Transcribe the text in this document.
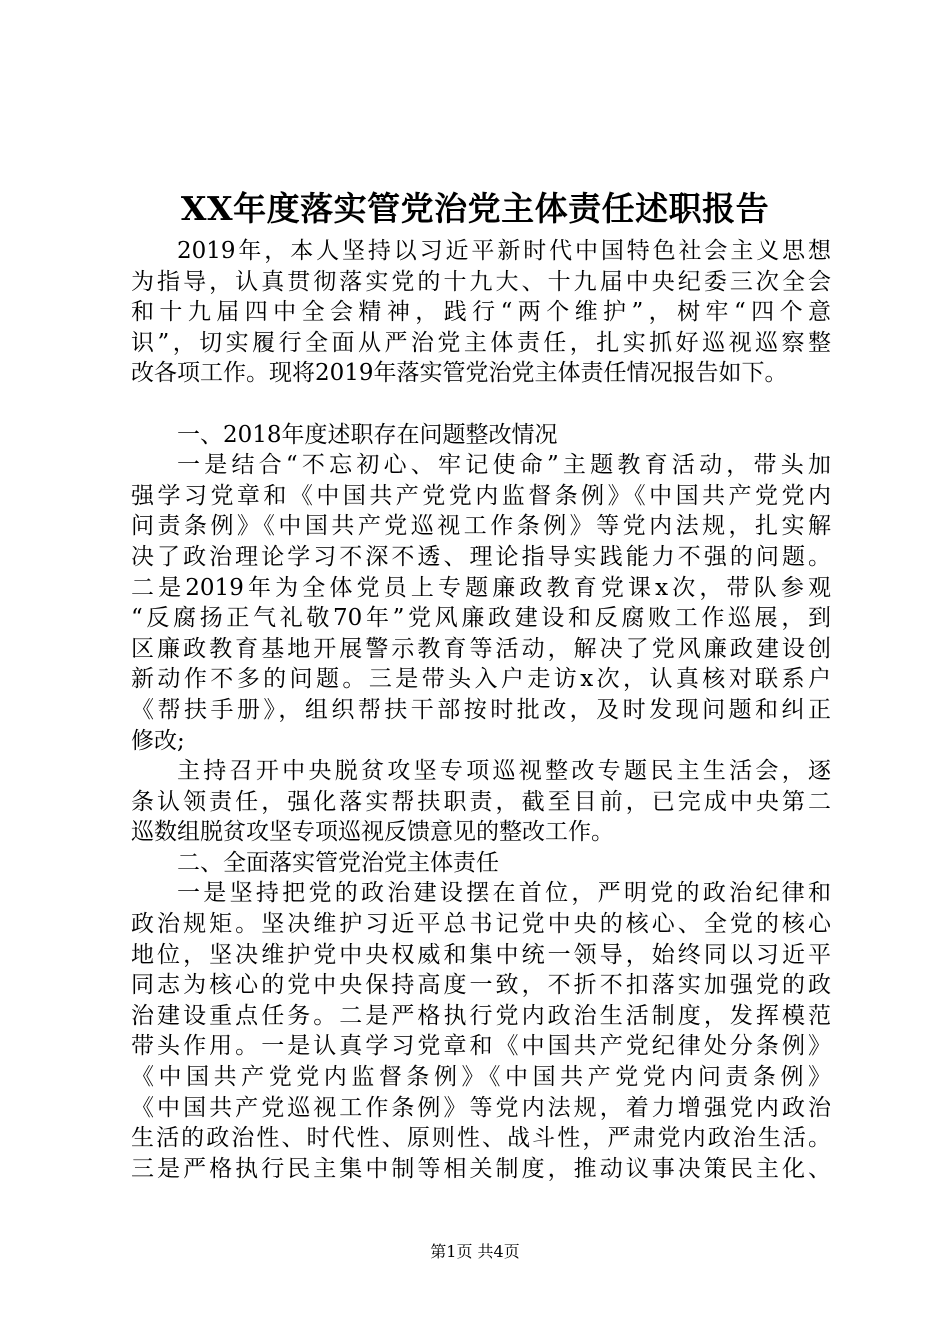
XX年度落实管党治党主体责任述职报告
2019年，本人坚持以习近平新时代中国特色社会主义思想
为指导，认真贯彻落实党的十九大、十九届中央纪委三次全会
和十九届四中全会精神，践行“两个维护”，树牢“四个意
识”，切实履行全面从严治党主体责任，扎实抓好巡视巡察整
改各项工作。现将2019年落实管党治党主体责任情况报告如下。
一、2018年度述职存在问题整改情况
一是结合“不忘初心、牢记使命”主题教育活动，带头加
强学习党章和《中国共产党党内监督条例》《中国共产党党内
问责条例》《中国共产党巡视工作条例》等党内法规，扎实解
决了政治理论学习不深不透、理论指导实践能力不强的问题。
二是2019年为全体党员上专题廉政教育党课x次，带队参观
“反腐扬正气礼敬70年”党风廉政建设和反腐败工作巡展，到
区廉政教育基地开展警示教育等活动，解决了党风廉政建设创
新动作不多的问题。三是带头入户走访x次，认真核对联系户
《帮扶手册》，组织帮扶干部按时批改，及时发现问题和纠正
修改;
主持召开中央脱贫攻坚专项巡视整改专题民主生活会，逐
条认领责任，强化落实帮扶职责，截至目前，已完成中央第二
巡数组脱贫攻坚专项巡视反馈意见的整改工作。
二、全面落实管党治党主体责任
一是坚持把党的政治建设摆在首位，严明党的政治纪律和
政治规矩。坚决维护习近平总书记党中央的核心、全党的核心
地位，坚决维护党中央权威和集中统一领导，始终同以习近平
同志为核心的党中央保持高度一致，不折不扣落实加强党的政
治建设重点任务。二是严格执行党内政治生活制度，发挥模范
带头作用。一是认真学习党章和《中国共产党纪律处分条例》
《中国共产党党内监督条例》《中国共产党党内问责条例》
《中国共产党巡视工作条例》等党内法规，着力增强党内政治
生活的政治性、时代性、原则性、战斗性，严肃党内政治生活。
三是严格执行民主集中制等相关制度，推动议事决策民主化、
第1页 共4页
